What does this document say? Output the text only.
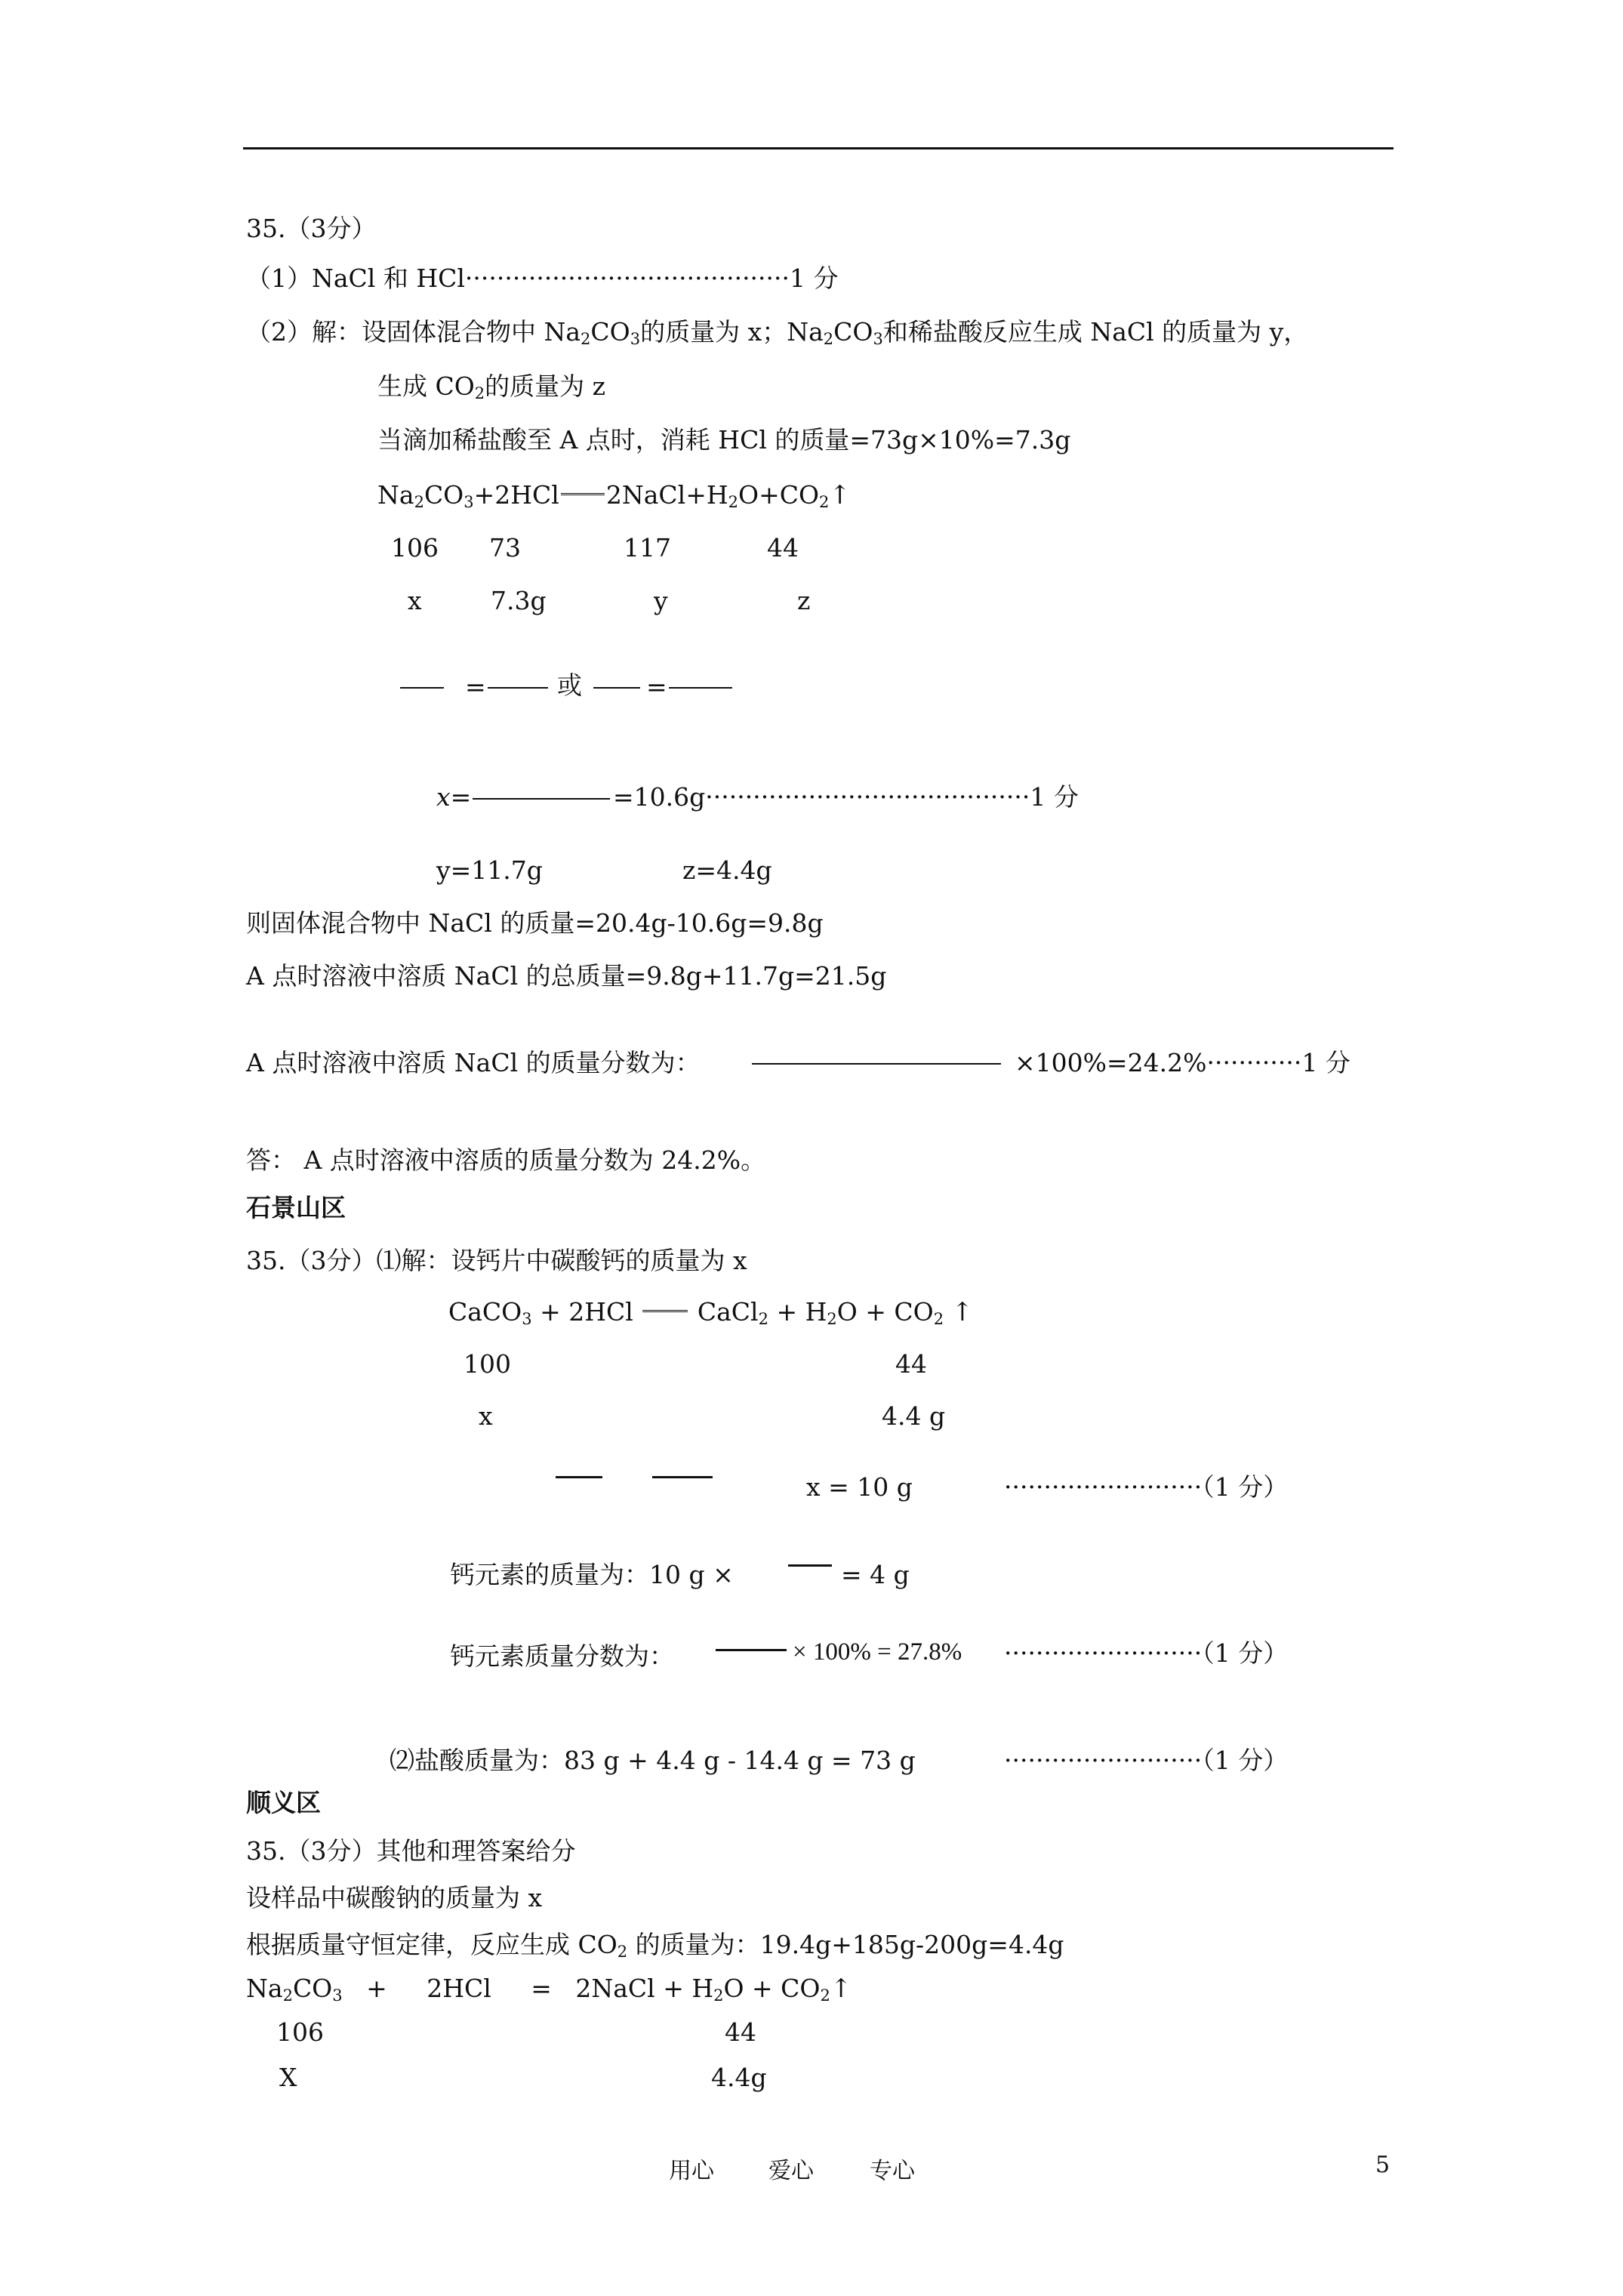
35.（3分）
（1）NaCl 和 HCl·········································1 分
（2）解：设固体混合物中 $Na_2CO_3$的质量为 x；$Na_2CO_3$和稀盐酸反应生成 NaCl 的质量为 y，
生成 $CO_2$的质量为 z
当滴加稀盐酸至 A 点时，消耗 HCl 的质量=73g×10%=7.3g
$Na_2CO_3+2HCl$ $2NaCl+H_2O+CO_2↑$
106 73	117	44
x	7.3g	y	z
=	或	=
x=	=10.6g·········································1 分
y=11.7g	z=4.4g
则固体混合物中 NaCl 的质量=20.4g-10.6g=9.8g
A 点时溶液中溶质 NaCl 的总质量=9.8g+11.7g=21.5g
A 点时溶液中溶质 NaCl 的质量分数为：	×100%=24.2%············1 分
答： A 点时溶液中溶质的质量分数为 24.2%。
石景山区
35.（3分）⑴解：设钙片中碳酸钙的质量为 x
CaCO$_3$ + 2HCl	CaCl$_2$ + $H_2O + CO_2$ ↑
100	44
x	4.4 g
x = 10 g	·························（1 分）
钙元素的质量为：10 g ×	= 4 g
钙元素质量分数为：	× 100% = 27.8% ·························（1 分）
⑵盐酸质量为：83 g + 4.4 g - 14.4 g = 73 g	·························（1 分）
顺义区
35.（3分）其他和理答案给分
设样品中碳酸钠的质量为 x
根据质量守恒定律，反应生成 $CO_2$ 的质量为：19.4g+185g-200g=4.4g
$Na_2CO_3$ +     2HCl     =   2NaCl + $H_2O$ + $CO_2↑$
106	44
X	4.4g
用心 爱心 专心	5
